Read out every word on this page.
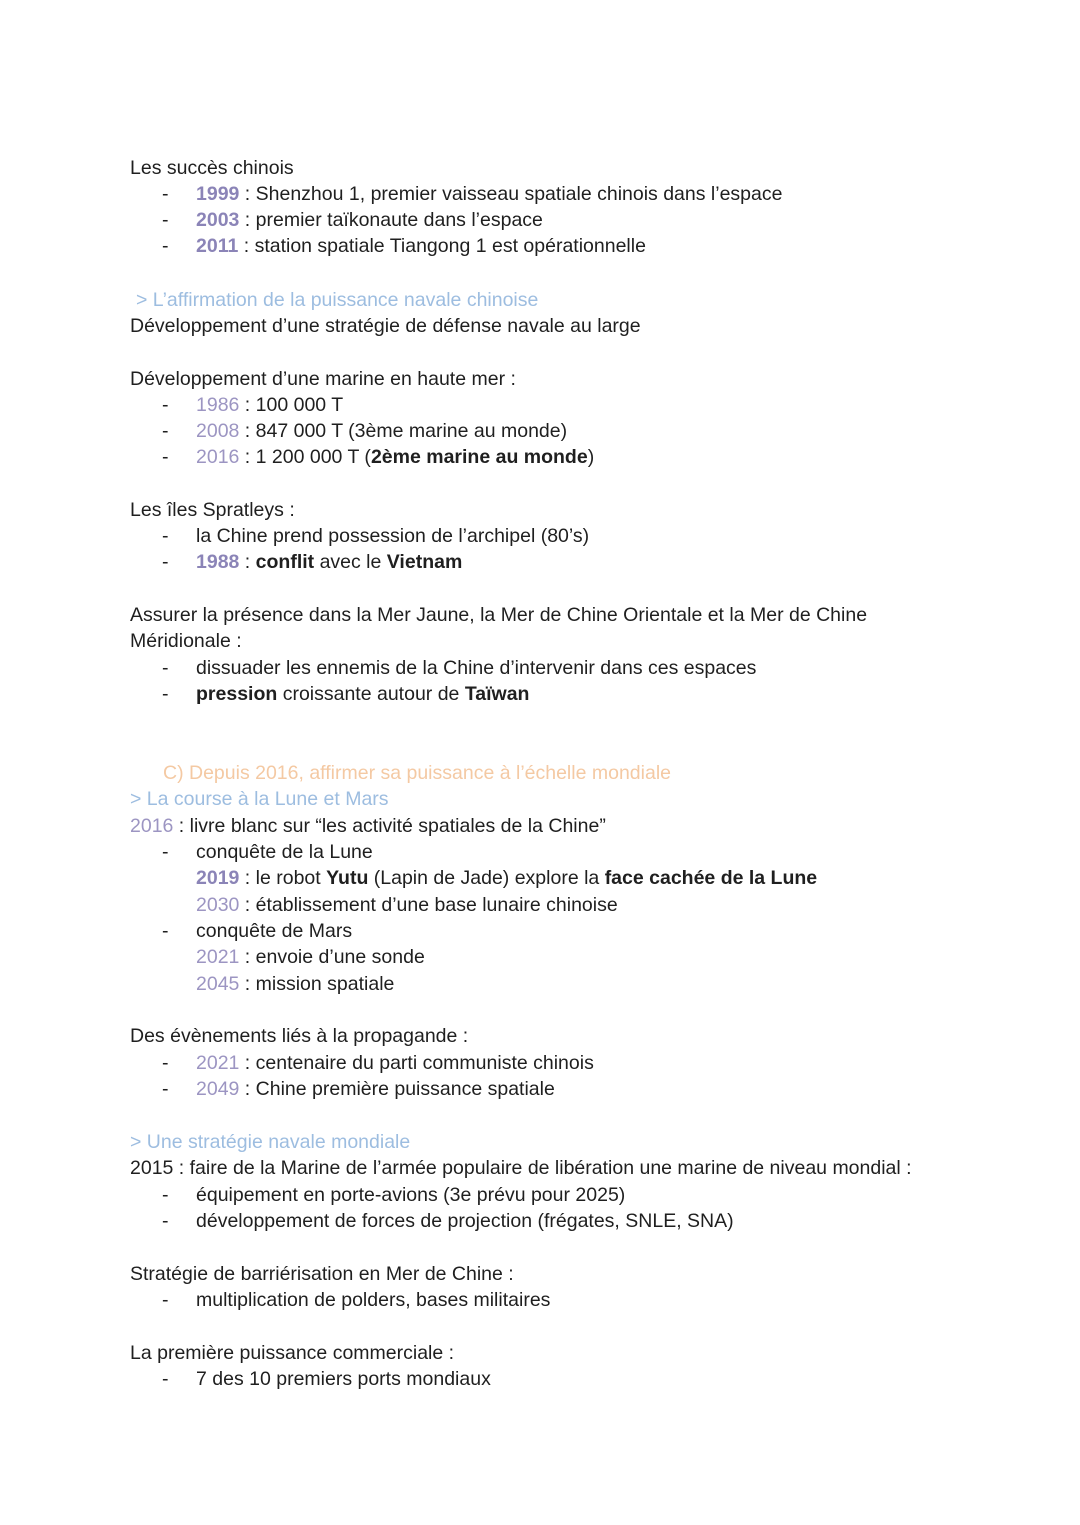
Les succès chinois
- 1999 : Shenzhou 1, premier vaisseau spatiale chinois dans l’espace
- 2003 : premier taïkonaute dans l’espace
- 2011 : station spatiale Tiangong 1 est opérationnelle
> L’affirmation de la puissance navale chinoise
Développement d’une stratégie de défense navale au large
Développement d’une marine en haute mer :
- 1986 : 100 000 T
- 2008 : 847 000 T (3ème marine au monde)
- 2016 : 1 200 000 T (2ème marine au monde)
Les îles Spratleys :
- la Chine prend possession de l’archipel (80’s)
- 1988 : conflit avec le Vietnam
Assurer la présence dans la Mer Jaune, la Mer de Chine Orientale et la Mer de Chine
Méridionale :
- dissuader les ennemis de la Chine d’intervenir dans ces espaces
- pression croissante autour de Taïwan
C) Depuis 2016, affirmer sa puissance à l’échelle mondiale
> La course à la Lune et Mars
2016 : livre blanc sur “les activité spatiales de la Chine”
- conquête de la Lune
2019 : le robot Yutu (Lapin de Jade) explore la face cachée de la Lune
2030 : établissement d’une base lunaire chinoise
- conquête de Mars
2021 : envoie d’une sonde
2045 : mission spatiale
Des évènements liés à la propagande :
- 2021 : centenaire du parti communiste chinois
- 2049 : Chine première puissance spatiale
> Une stratégie navale mondiale
2015 : faire de la Marine de l’armée populaire de libération une marine de niveau mondial :
- équipement en porte-avions (3e prévu pour 2025)
- développement de forces de projection (frégates, SNLE, SNA)
Stratégie de barriérisation en Mer de Chine :
- multiplication de polders, bases militaires
La première puissance commerciale :
- 7 des 10 premiers ports mondiaux
